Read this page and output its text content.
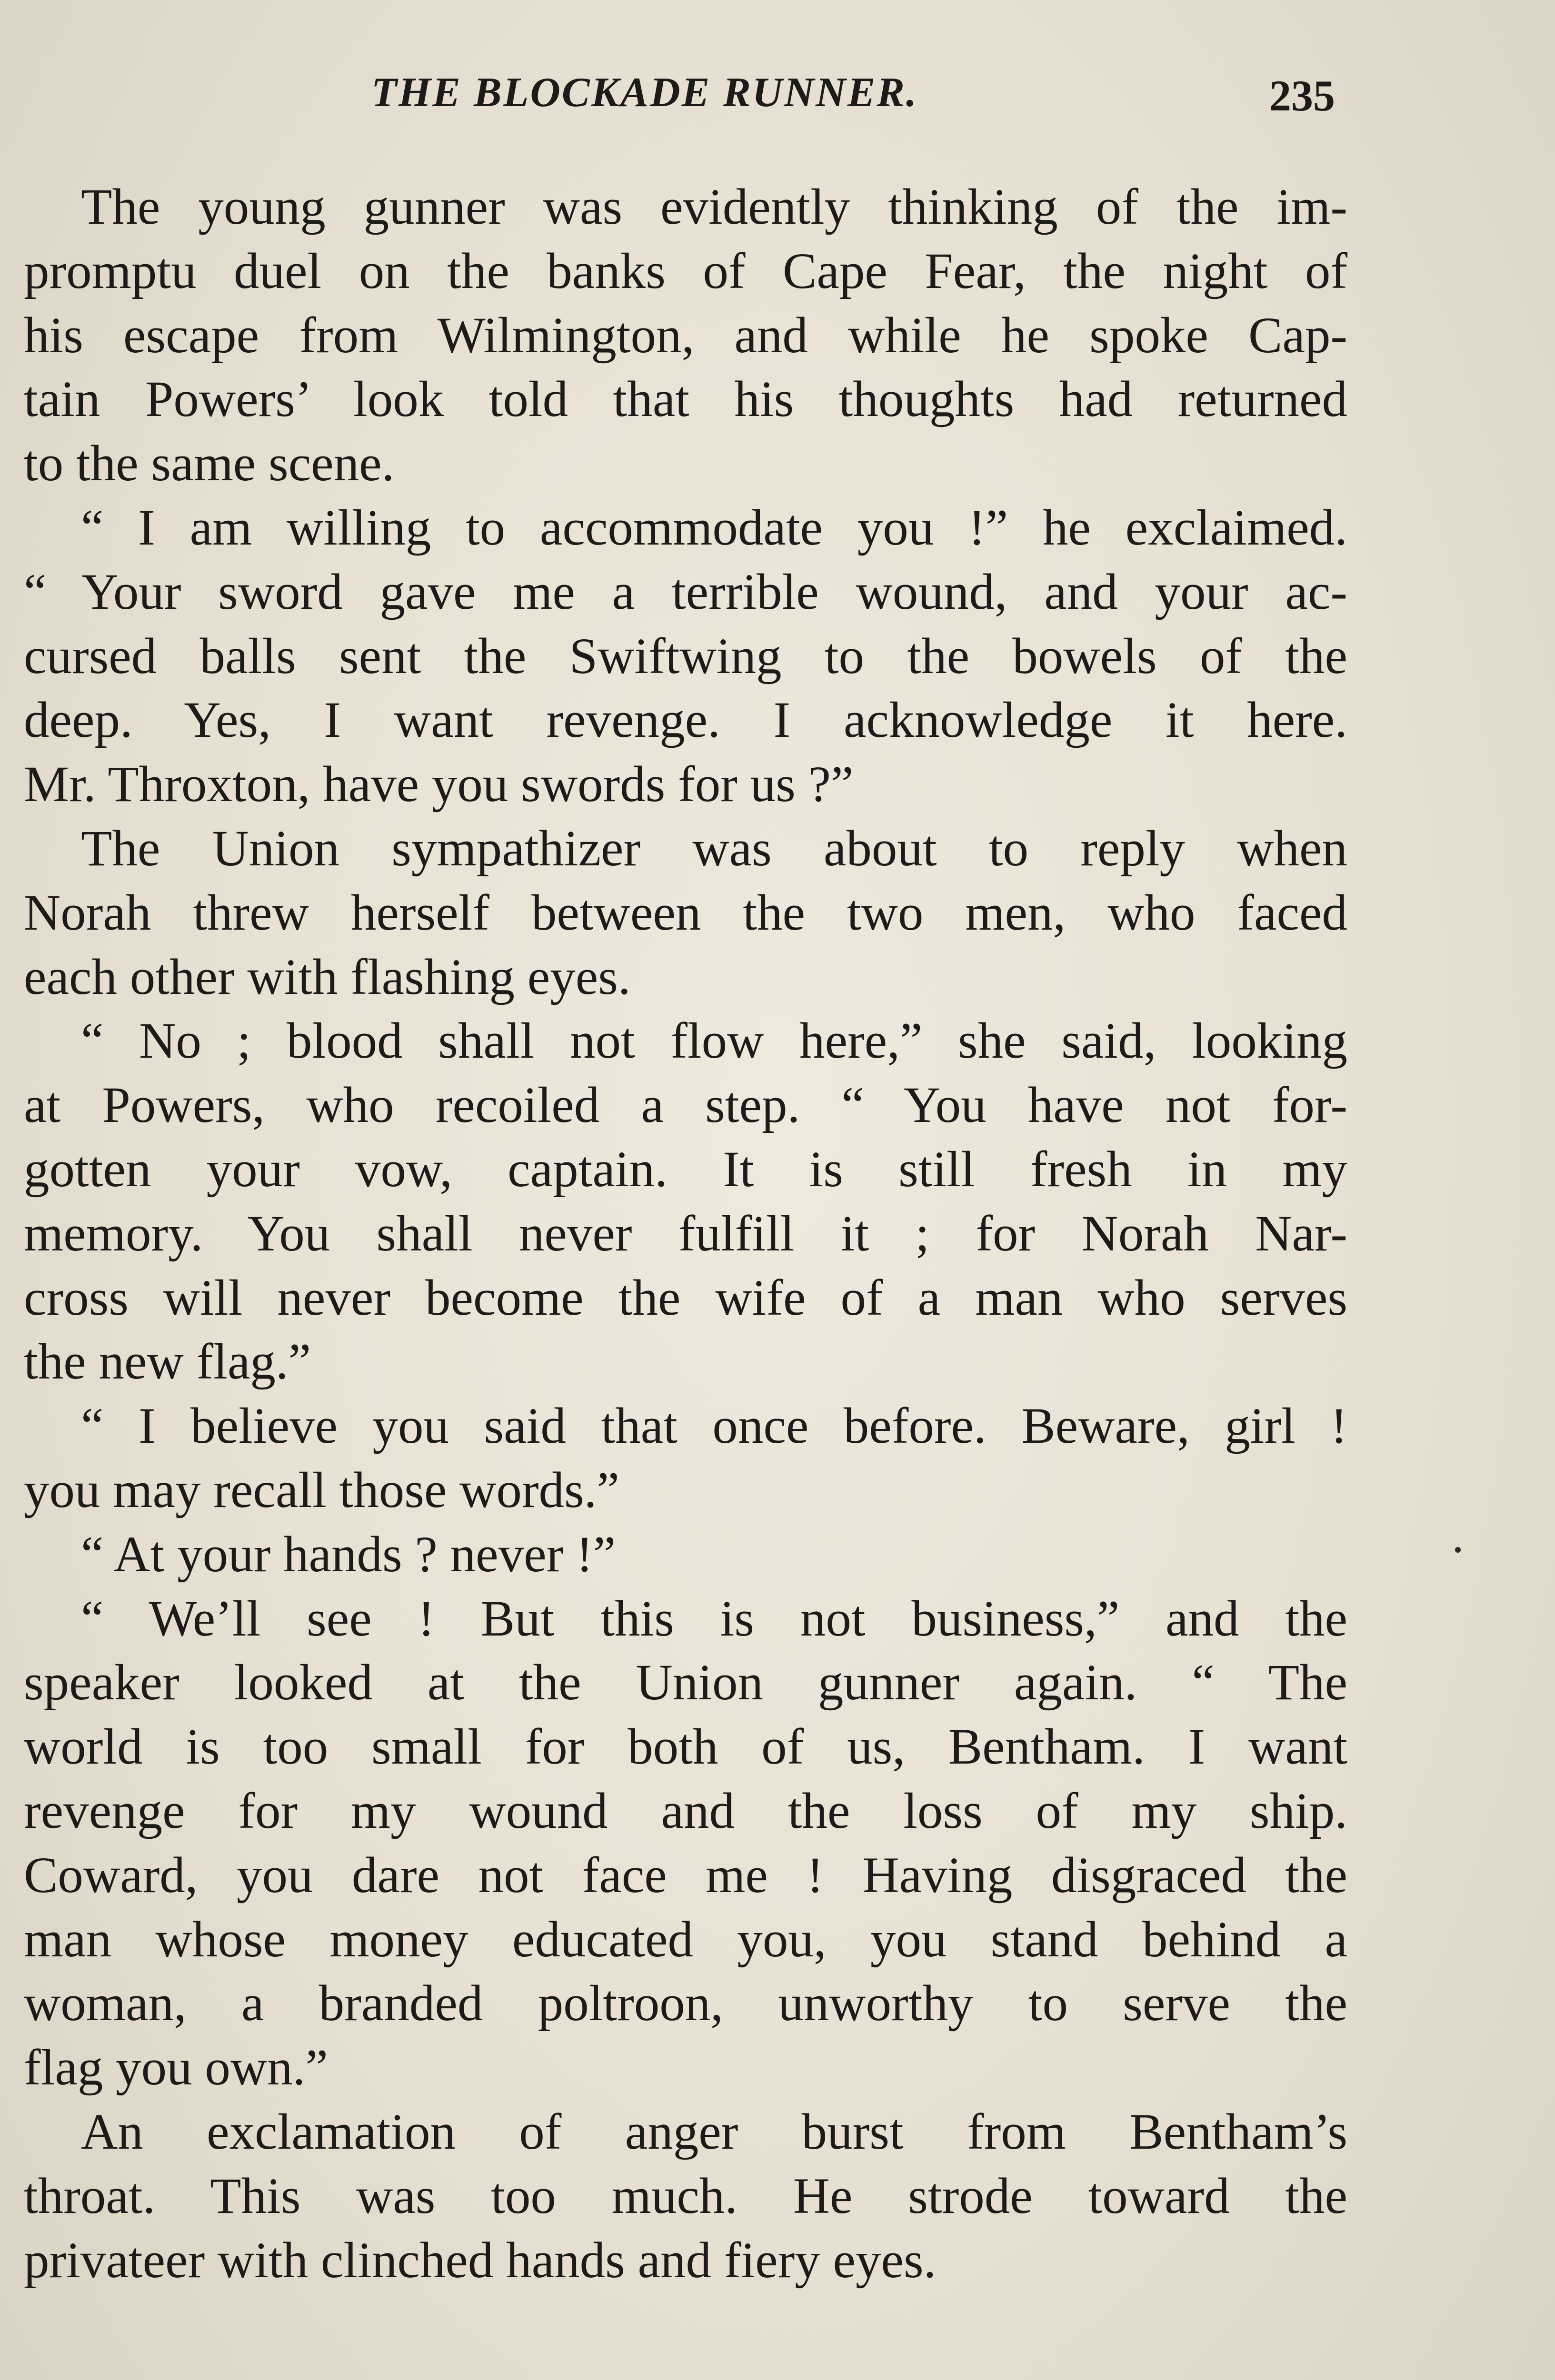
THE BLOCKADE RUNNER.	235
The young gunner was evidently thinking of the im-
promptu duel on the banks of Cape Fear, the night of
his escape from Wilmington, and while he spoke Cap-
tain Powers’ look told that his thoughts had returned
to the same scene.
“ I am willing to accommodate you !” he exclaimed.
“ Your sword gave me a terrible wound, and your ac-
cursed balls sent the Swiftwing to the bowels of the
deep. Yes, I want revenge. I acknowledge it here.
Mr. Throxton, have you swords for us ?”
The Union sympathizer was about to reply when
Norah threw herself between the two men, who faced
each other with flashing eyes.
“ No ; blood shall not flow here,” she said, looking
at Powers, who recoiled a step. “ You have not for-
gotten your vow, captain. It is still fresh in my
memory. You shall never fulfill it ; for Norah Nar-
cross will never become the wife of a man who serves
the new flag.”
“ I believe you said that once before. Beware, girl !
you may recall those words.”
“ At your hands ? never !”
“ We’ll see ! But this is not business,” and the
speaker looked at the Union gunner again. “ The
world is too small for both of us, Bentham. I want
revenge for my wound and the loss of my ship.
Coward, you dare not face me ! Having disgraced the
man whose money educated you, you stand behind a
woman, a branded poltroon, unworthy to serve the
flag you own.”
An exclamation of anger burst from Bentham’s
throat. This was too much. He strode toward the
privateer with clinched hands and fiery eyes.
